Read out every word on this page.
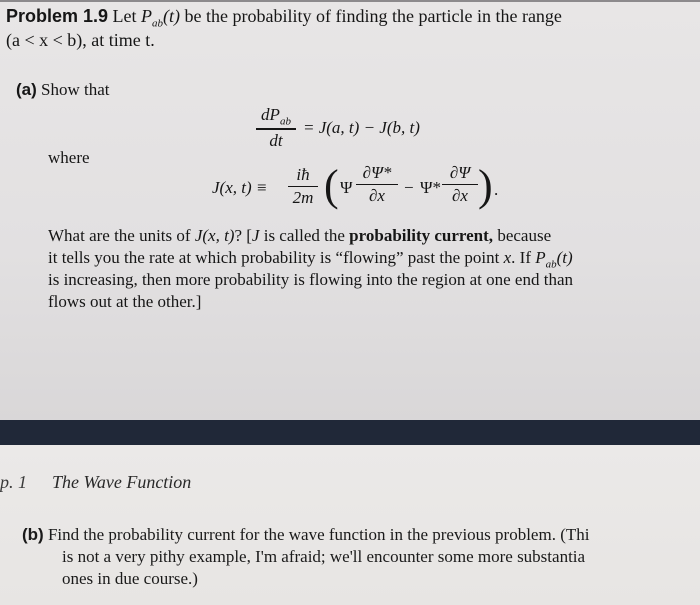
Problem 1.9 Let $P_{ab}(t)$ be the probability of finding the particle in the range
(a < x < b), at time t.
(a) Show that
$dP_{ab}$
dt
= J(a, t) − J(b, t)
where
J(x, t) ≡
iħ
2m ( Ψ
∂Ψ*
∂x	− Ψ*
∂Ψ
∂x ) .
What are the units of J(x, t)? [J is called the probability current, because
it tells you the rate at which probability is “flowing” past the point x. If $P_{ab}(t)$
is increasing, then more probability is flowing into the region at one end than
flows out at the other.]
p. 1 The Wave Function
(b) Find the probability current for the wave function in the previous problem. (Thi
is not a very pithy example, I'm afraid; we'll encounter some more substantia
ones in due course.)
